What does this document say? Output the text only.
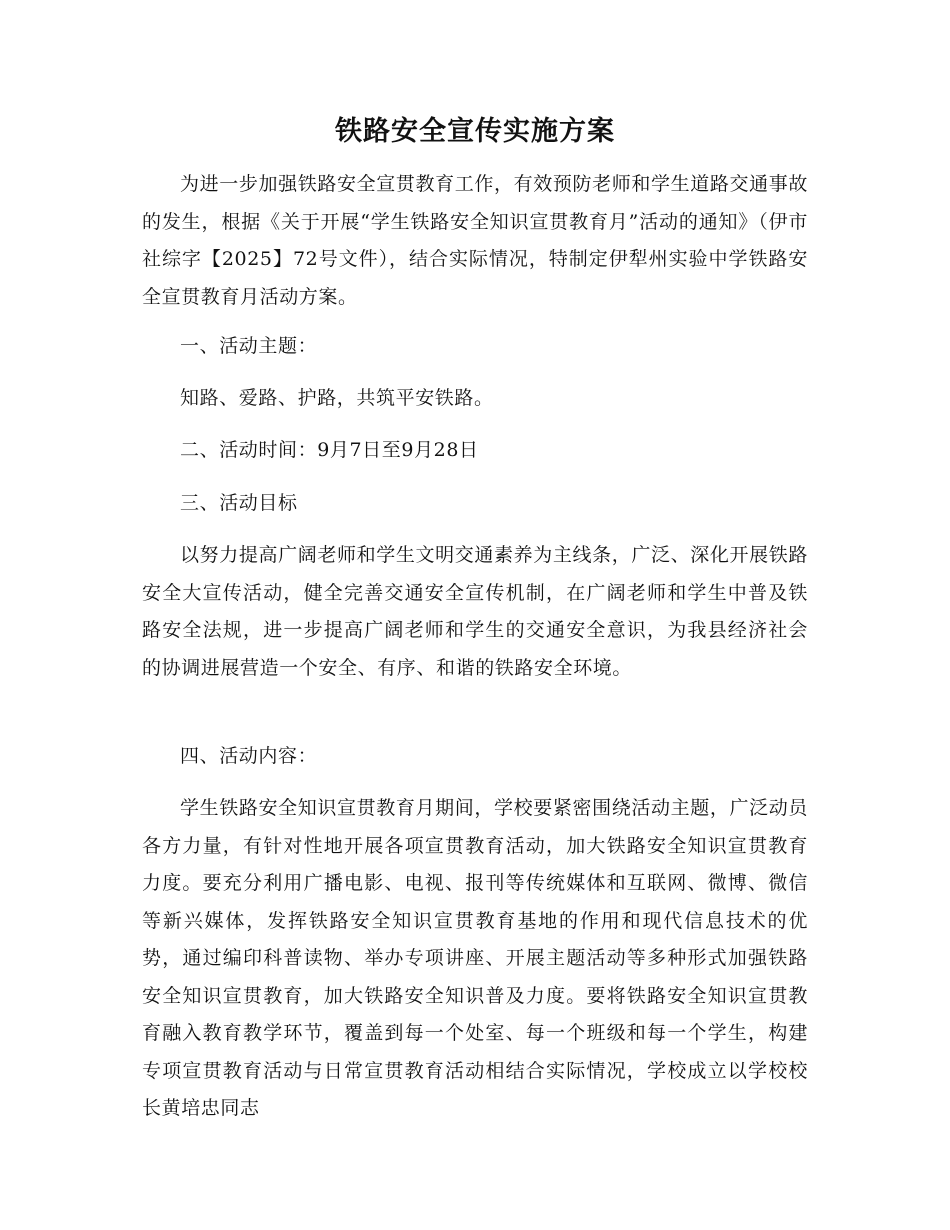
铁路安全宣传实施方案

为进一步加强铁路安全宣贯教育工作，有效预防老师和学生道路交通事故的发生，根据《关于开展“学生铁路安全知识宣贯教育月”活动的通知》（伊市社综字【2025】72号文件），结合实际情况，特制定伊犁州实验中学铁路安全宣贯教育月活动方案。

一、活动主题：

知路、爱路、护路，共筑平安铁路。

二、活动时间：9月7日至9月28日

三、活动目标

以努力提高广阔老师和学生文明交通素养为主线条，广泛、深化开展铁路安全大宣传活动，健全完善交通安全宣传机制，在广阔老师和学生中普及铁路安全法规，进一步提高广阔老师和学生的交通安全意识，为我县经济社会的协调进展营造一个安全、有序、和谐的铁路安全环境。

四、活动内容：

学生铁路安全知识宣贯教育月期间，学校要紧密围绕活动主题，广泛动员各方力量，有针对性地开展各项宣贯教育活动，加大铁路安全知识宣贯教育力度。要充分利用广播电影、电视、报刊等传统媒体和互联网、微博、微信等新兴媒体，发挥铁路安全知识宣贯教育基地的作用和现代信息技术的优势，通过编印科普读物、举办专项讲座、开展主题活动等多种形式加强铁路安全知识宣贯教育，加大铁路安全知识普及力度。要将铁路安全知识宣贯教育融入教育教学环节，覆盖到每一个处室、每一个班级和每一个学生，构建专项宣贯教育活动与日常宣贯教育活动相结合实际情况，学校成立以学校校长黄培忠同志
